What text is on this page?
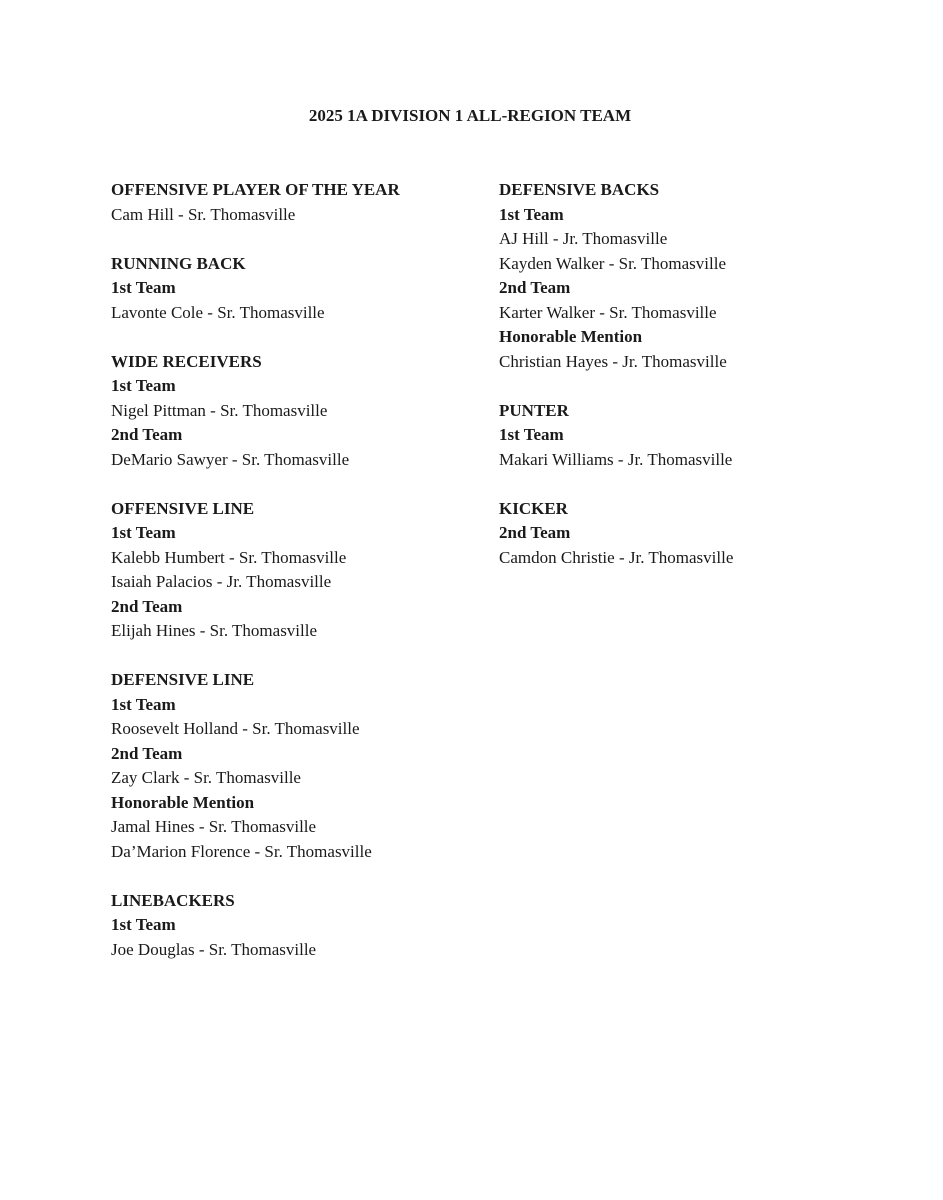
2025 1A DIVISION 1 ALL-REGION TEAM
OFFENSIVE PLAYER OF THE YEAR
Cam Hill - Sr. Thomasville
RUNNING BACK
1st Team
Lavonte Cole - Sr. Thomasville
WIDE RECEIVERS
1st Team
Nigel Pittman - Sr. Thomasville
2nd Team
DeMario Sawyer - Sr. Thomasville
OFFENSIVE LINE
1st Team
Kalebb Humbert - Sr. Thomasville
Isaiah Palacios - Jr. Thomasville
2nd Team
Elijah Hines - Sr. Thomasville
DEFENSIVE LINE
1st Team
Roosevelt Holland - Sr. Thomasville
2nd Team
Zay Clark - Sr. Thomasville
Honorable Mention
Jamal Hines - Sr. Thomasville
Da’Marion Florence - Sr. Thomasville
LINEBACKERS
1st Team
Joe Douglas - Sr. Thomasville
DEFENSIVE BACKS
1st Team
AJ Hill - Jr. Thomasville
Kayden Walker - Sr. Thomasville
2nd Team
Karter Walker - Sr. Thomasville
Honorable Mention
Christian Hayes - Jr. Thomasville
PUNTER
1st Team
Makari Williams - Jr. Thomasville
KICKER
2nd Team
Camdon Christie - Jr. Thomasville
